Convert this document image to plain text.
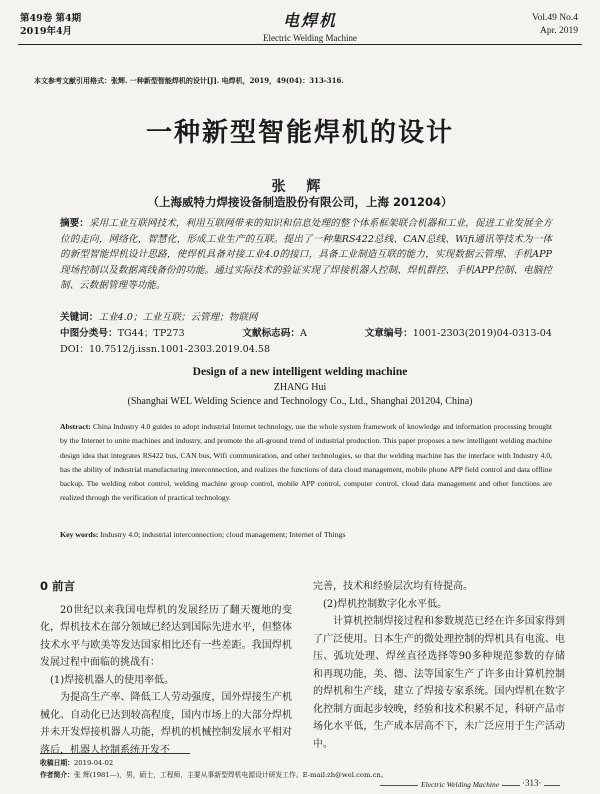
第49卷 第4期
2019年4月
电焊机
Electric Welding Machine
Vol.49 No.4
Apr. 2019
本文参考文献引用格式：张辉. 一种新型智能焊机的设计[J]. 电焊机，2019，49(04)：313-316.
一种新型智能焊机的设计
张 辉
（上海威特力焊接设备制造股份有限公司，上海 201204）
摘要：采用工业互联网技术，利用互联网带来的知识和信息处理的整个体系框架联合机器和工业，促进工业发展全方位的走向，网络化，智慧化，形成工业生产的互联。提出了一种集RS422总线、CAN总线、Wifi通讯等技术为一体的新型智能焊机设计思路，使焊机具备对接工业4.0的接口，具备工业制造互联的能力，实现数据云管理、手机APP现场控制以及数据离线备份的功能。通过实际技术的验证实现了焊接机器人控制、焊机群控、手机APP控制、电脑控制、云数据管理等功能。
关键词：工业4.0；工业互联；云管理；物联网
中图分类号：TG44；TP273	文献标志码：A	文章编号：1001-2303(2019)04-0313-04
DOI：10.7512/j.issn.1001-2303.2019.04.58
Design of a new intelligent welding machine
ZHANG Hui
(Shanghai WEL Welding Science and Technology Co., Ltd., Shanghai 201204, China)
Abstract: China Industry 4.0 guides to adopt industrial Internet technology, use the whole system framework of knowledge and information processing brought by the Internet to unite machines and industry, and promote the all-ground trend of industrial production. This paper proposes a new intelligent welding machine design idea that integrates RS422 bus, CAN bus, Wifi communication, and other technologies, so that the welding machine has the interface with Industry 4.0, has the ability of industrial manufacturing interconnection, and realizes the functions of data cloud management, mobile phone APP field control and data offline backup. The welding robot control, welding machine group control, mobile APP control, computer control, cloud data management and other functions are realized through the verification of practical technology.
Key words: Industry 4.0; industrial interconnection; cloud management; Internet of Things
0 前言

20世纪以来我国电焊机的发展经历了翻天覆地的变化，焊机技术在部分领域已经达到国际先进水平，但整体技术水平与欧美等发达国家相比还有一些差距。我国焊机发展过程中面临的挑战有：

(1)焊接机器人的使用率低。

为提高生产率、降低工人劳动强度，国外焊接生产机械化、自动化已达到较高程度，国内市场上的大部分焊机并未开发焊接机器人功能，焊机的机械控制发展水平相对落后，机器人控制系统开发不

完善，技术和经验层次均有待提高。

(2)焊机控制数字化水平低。

计算机控制焊接过程和参数规范已经在许多国家得到了广泛使用。日本生产的微处理控制的焊机具有电流、电压、弧坑处理、焊丝直径选择等90多种规范参数的存储和再现功能，美、德、法等国家生产了许多由计算机控制的焊机和生产线，建立了焊接专家系统。国内焊机在数字化控制方面起步较晚，经验和技术积累不足，科研产品市场化水平低，生产成本居高不下，未广泛应用于生产活动中。

收稿日期：2019-04-02
作者简介：张 辉(1981—)，男，硕士，工程师，主要从事新型焊机电源设计研发工作。E-mail:zh@wel.com.cn。
Electric Welding Machine	·313·
